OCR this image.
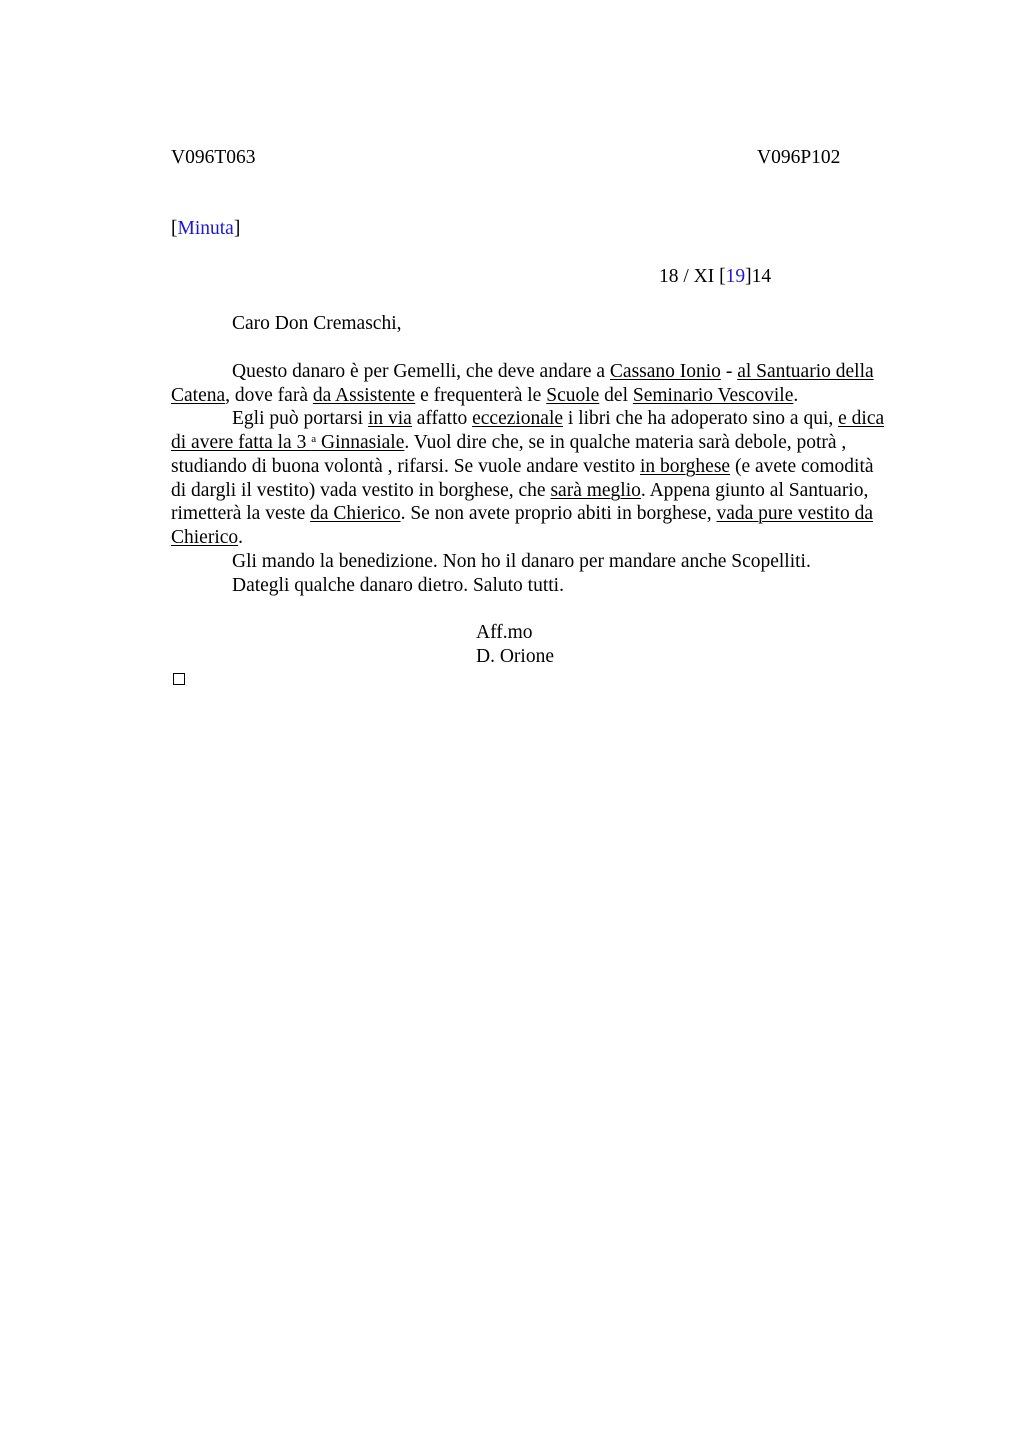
V096T063	V096P102
[Minuta]
18 / XI [19]14
Caro Don Cremaschi,
Questo danaro è per Gemelli, che deve andare a Cassano Ionio - al Santuario della
Catena, dove farà da Assistente e frequenterà le Scuole del Seminario Vescovile.
Egli può portarsi in via affatto eccezionale i libri che ha adoperato sino a qui, e dica
di avere fatta la 3 $^a$ Ginnasiale. Vuol dire che, se in qualche materia sarà debole, potrà ,
studiando di buona volontà , rifarsi. Se vuole andare vestito in borghese (e avete comodità
di dargli il vestito) vada vestito in borghese, che sarà meglio. Appena giunto al Santuario,
rimetterà la veste da Chierico. Se non avete proprio abiti in borghese, vada pure vestito da
Chierico.
Gli mando la benedizione. Non ho il danaro per mandare anche Scopelliti.
Dategli qualche danaro dietro. Saluto tutti.
Aff.mo
D. Orione
